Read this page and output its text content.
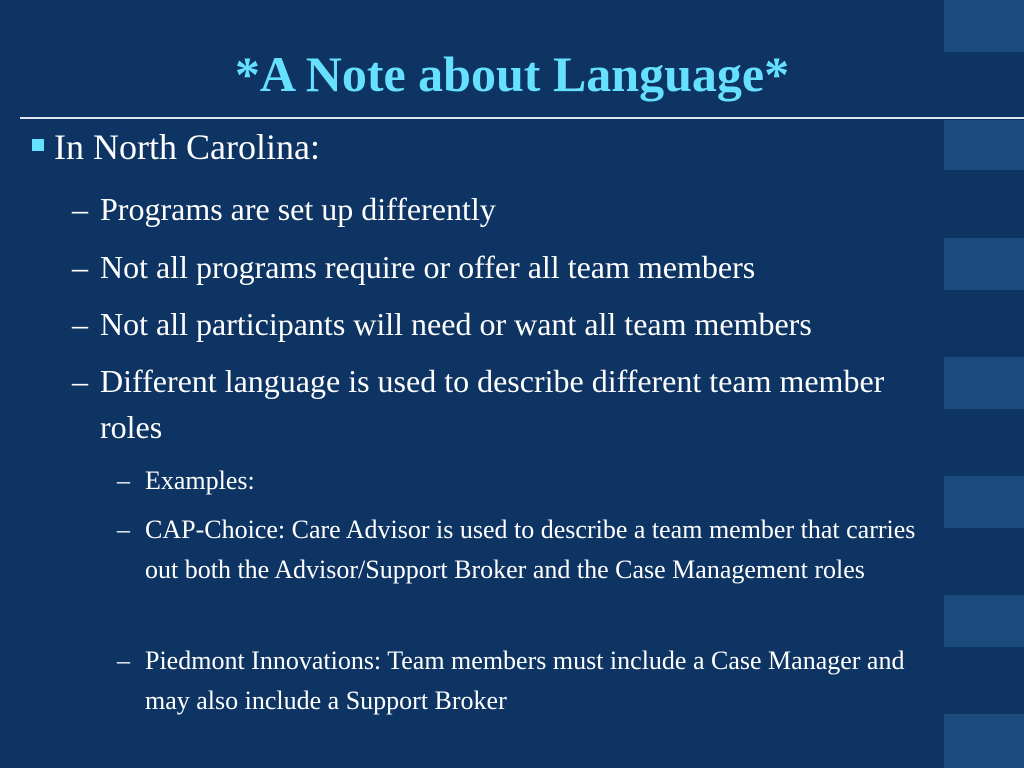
*A Note about Language*
In North Carolina:
– Programs are set up differently
– Not all programs require or offer all team members
– Not all participants will need or want all team members
– Different language is used to describe different team member roles
– Examples:
– CAP-Choice: Care Advisor is used to describe a team member that carries out both the Advisor/Support Broker and the Case Management roles
– Piedmont Innovations: Team members must include a Case Manager and may also include a Support Broker
